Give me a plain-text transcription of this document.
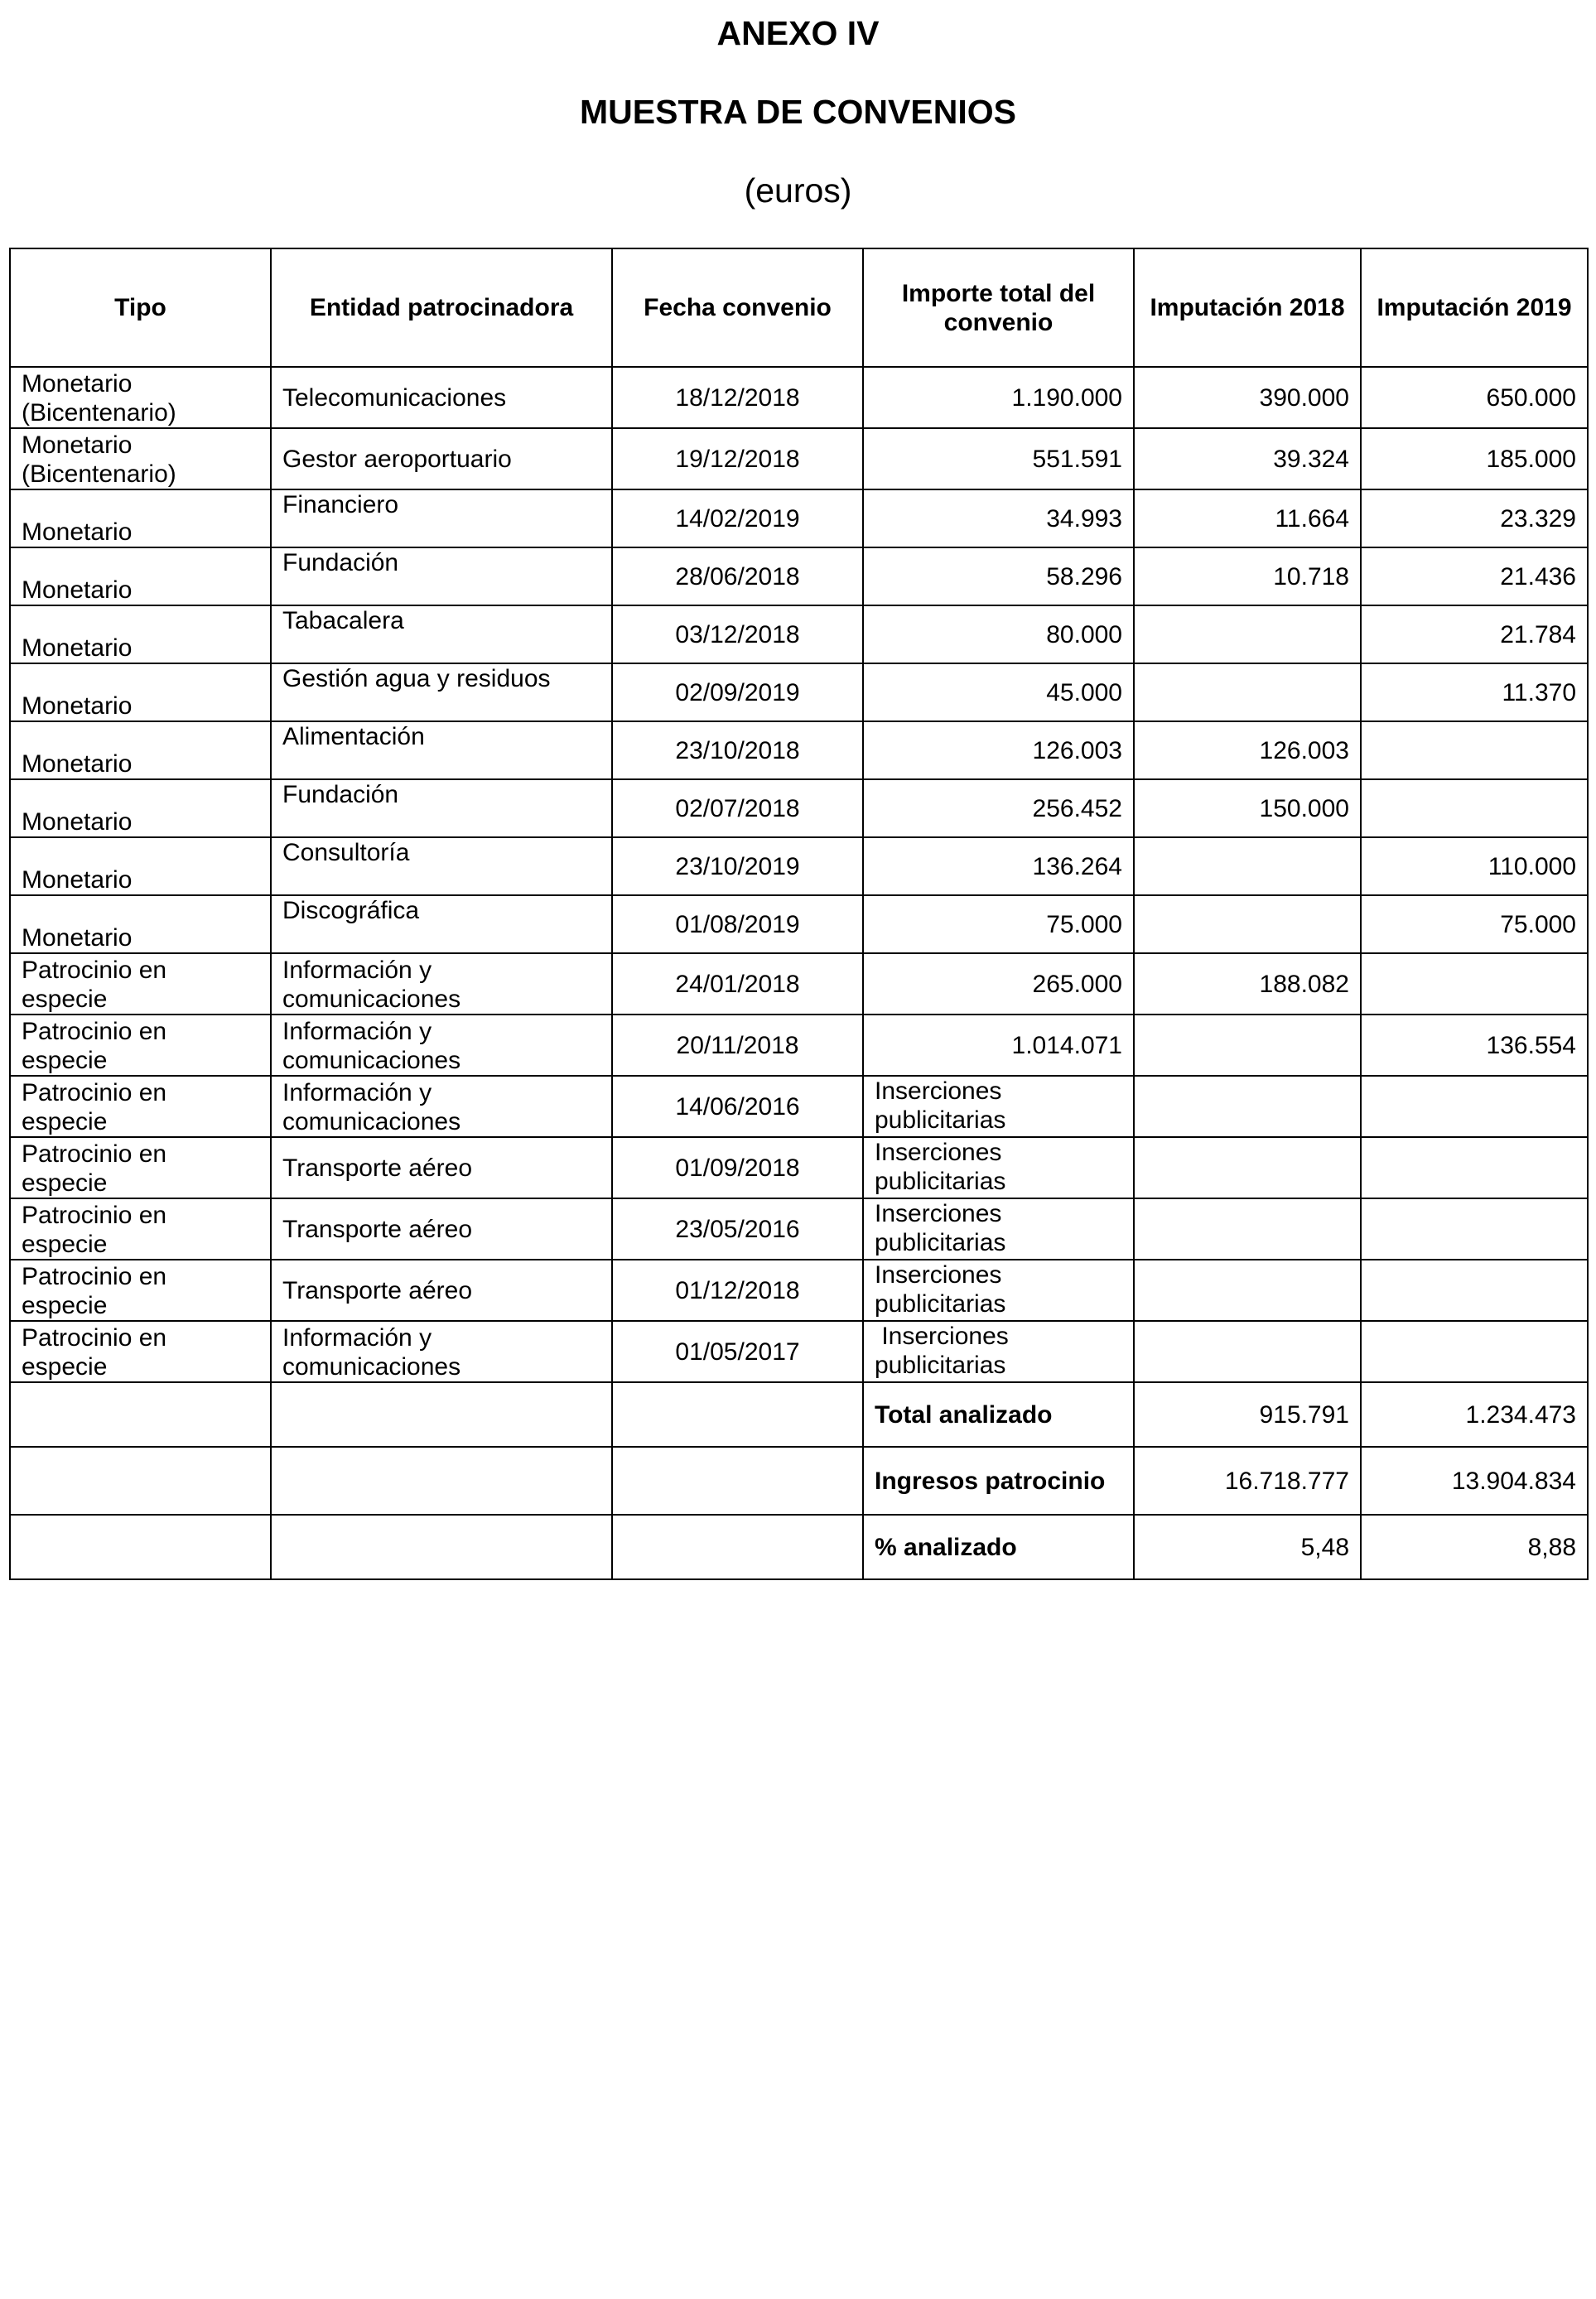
ANEXO IV
MUESTRA DE CONVENIOS
(euros)
Tipo	Entidad patrocinadora	Fecha convenio	Importe total del convenio	Imputación 2018	Imputación 2019

Monetario
(Bicentenario)	Telecomunicaciones	18/12/2018	1.190.000	390.000	650.000

Monetario
(Bicentenario)	Gestor aeroportuario	19/12/2018	551.591	39.324	185.000

Monetario	Financiero	14/02/2019	34.993	11.664	23.329

Monetario	Fundación	28/06/2018	58.296	10.718	21.436

Monetario	Tabacalera	03/12/2018	80.000		21.784

Monetario	Gestión agua y residuos	02/09/2019	45.000		11.370

Monetario	Alimentación	23/10/2018	126.003	126.003	

Monetario	Fundación	02/07/2018	256.452	150.000	

Monetario	Consultoría	23/10/2019	136.264		110.000

Monetario	Discográfica	01/08/2019	75.000		75.000

Patrocinio en
especie	Información y
comunicaciones	24/01/2018	265.000	188.082	

Patrocinio en
especie	Información y
comunicaciones	20/11/2018	1.014.071		136.554

Patrocinio en
especie	Información y
comunicaciones	14/06/2016	Inserciones
publicitarias		

Patrocinio en
especie	Transporte aéreo	01/09/2018	Inserciones
publicitarias		

Patrocinio en
especie	Transporte aéreo	23/05/2016	Inserciones
publicitarias		

Patrocinio en
especie	Transporte aéreo	01/12/2018	Inserciones
publicitarias		

Patrocinio en
especie	Información y
comunicaciones	01/05/2017	Inserciones
publicitarias		

			Total analizado	915.791	1.234.473
			Ingresos patrocinio	16.718.777	13.904.834
			% analizado	5,48	8,88
